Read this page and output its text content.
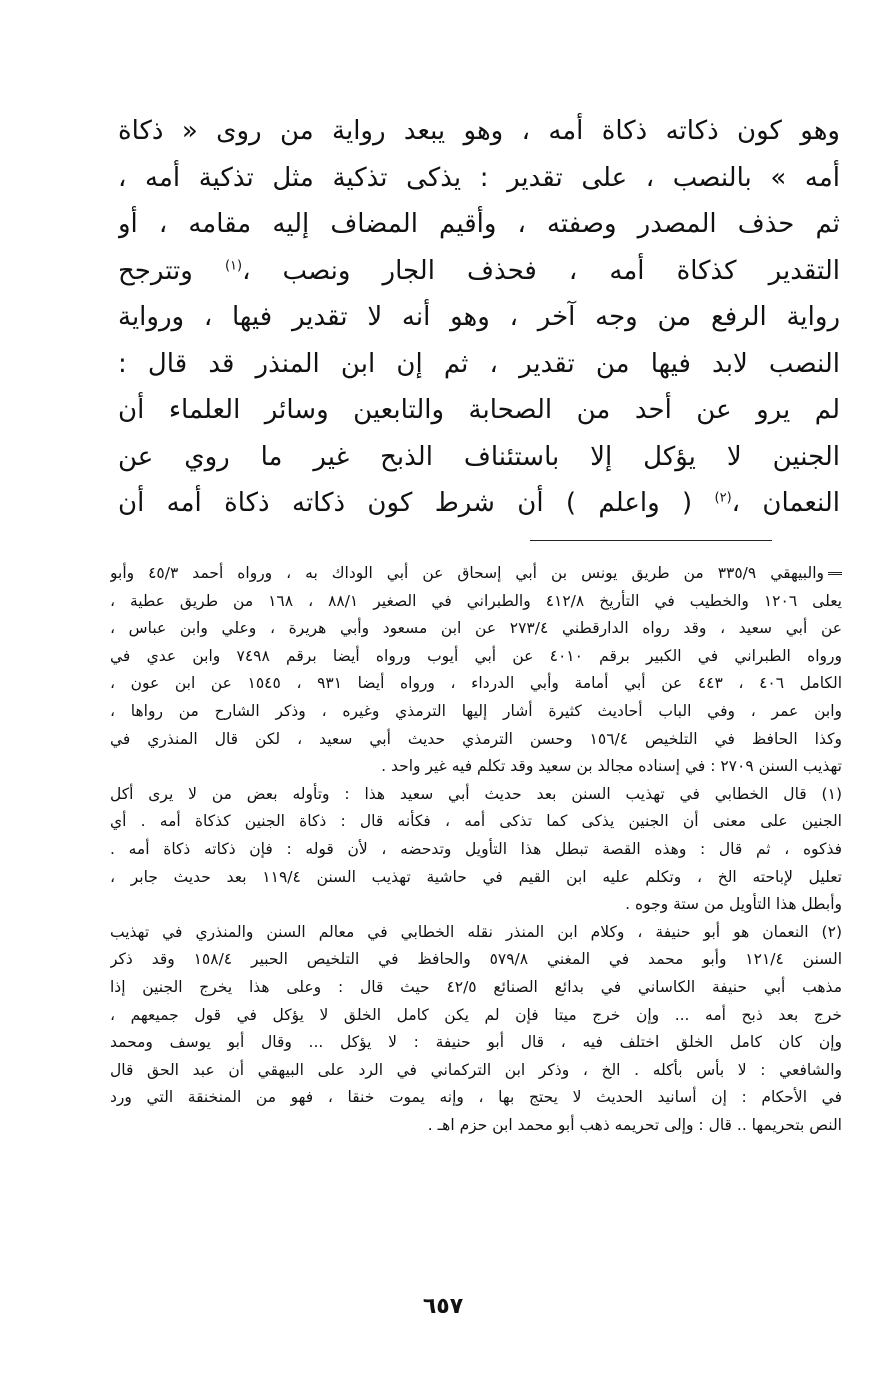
وهو كون ذكاته ذكاة أمه ، وهو يبعد رواية من روى « ذكاة
أمه » بالنصب ، على تقدير : يذكى تذكية مثل تذكية أمه ،
ثم حذف المصدر وصفته ، وأقيم المضاف إليه مقامه ، أو
التقدير كذكاة أمه ، فحذف الجار ونصب ،$^{(١)}$ وتترجح
رواية الرفع من وجه آخر ، وهو أنه لا تقدير فيها ، ورواية
النصب لابد فيها من تقدير ، ثم إن ابن المنذر قد قال :
لم يرو عن أحد من الصحابة والتابعين وسائر العلماء أن
الجنين لا يؤكل إلا باستئناف الذبح غير ما روي عن
النعمان ،$^{(٢)}$ ( واعلم ) أن شرط كون ذكاته ذكاة أمه أن
والبيهقي ٣٣٥/٩ من طريق يونس بن أبي إسحاق عن أبي الوداك به ، ورواه أحمد ٤٥/٣ وأبو
يعلى ١٢٠٦ والخطيب في التأريخ ٤١٢/٨ والطبراني في الصغير ٨٨/١ ، ١٦٨ من طريق عطية ،
عن أبي سعيد ، وقد رواه الدارقطني ٢٧٣/٤ عن ابن مسعود وأبي هريرة ، وعلي وابن عباس ،
ورواه الطبراني في الكبير برقم ٤٠١٠ عن أبي أيوب ورواه أيضا برقم ٧٤٩٨ وابن عدي في
الكامل ٤٠٦ ، ٤٤٣ عن أبي أمامة وأبي الدرداء ، ورواه أيضا ٩٣١ ، ١٥٤٥ عن ابن عون ،
وابن عمر ، وفي الباب أحاديث كثيرة أشار إليها الترمذي وغيره ، وذكر الشارح من رواها ،
وكذا الحافظ في التلخيص ١٥٦/٤ وحسن الترمذي حديث أبي سعيد ، لكن قال المنذري في
تهذيب السنن ٢٧٠٩ : في إسناده مجالد بن سعيد وقد تكلم فيه غير واحد .
(١) قال الخطابي في تهذيب السنن بعد حديث أبي سعيد هذا : وتأوله بعض من لا يرى أكل
الجنين على معنى أن الجنين يذكى كما تذكى أمه ، فكأنه قال : ذكاة الجنين كذكاة أمه . أي
فذكوه ، ثم قال : وهذه القصة تبطل هذا التأويل وتدحضه ، لأن قوله : فإن ذكاته ذكاة أمه .
تعليل لإباحته الخ ، وتكلم عليه ابن القيم في حاشية تهذيب السنن ١١٩/٤ بعد حديث جابر ،
وأبطل هذا التأويل من ستة وجوه .
(٢) النعمان هو أبو حنيفة ، وكلام ابن المنذر نقله الخطابي في معالم السنن والمنذري في تهذيب
السنن ١٢١/٤ وأبو محمد في المغني ٥٧٩/٨ والحافظ في التلخيص الحبير ١٥٨/٤ وقد ذكر
مذهب أبي حنيفة الكاساني في بدائع الصنائع ٤٢/٥ حيث قال : وعلى هذا يخرج الجنين إذا
خرج بعد ذبح أمه ... وإن خرج ميتا فإن لم يكن كامل الخلق لا يؤكل في قول جميعهم ،
وإن كان كامل الخلق اختلف فيه ، قال أبو حنيفة : لا يؤكل ... وقال أبو يوسف ومحمد
والشافعي : لا بأس بأكله . الخ ، وذكر ابن التركماني في الرد على البيهقي أن عبد الحق قال
في الأحكام : إن أسانيد الحديث لا يحتج بها ، وإنه يموت خنقا ، فهو من المنخنقة التي ورد
النص بتحريمها .. قال : وإلى تحريمه ذهب أبو محمد ابن حزم اهـ .
٦٥٧
